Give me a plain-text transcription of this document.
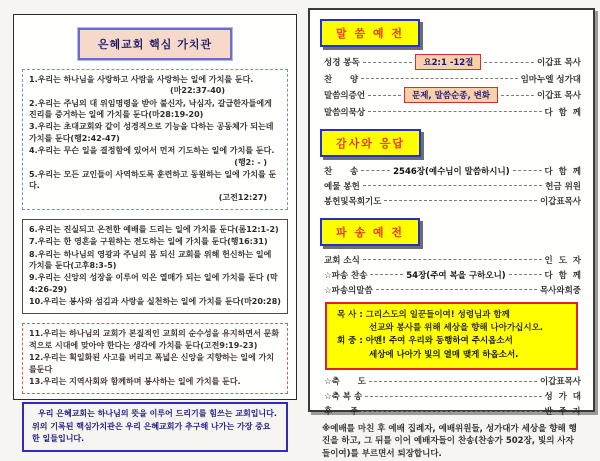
은혜교회 핵심 가치관
1.우리는 하나님을 사랑하고 사람을 사랑하는 일에 가치를 둔다.
(마22:37-40)
2.우리는 주님의 대 위임명령을 받아 불신자, 낙심자, 갈급한자들에게 진리를 증거하는 일에 가치를 둔다(마28:19-20)
3.우리는 초대교회와 같이 성경적으로 기능을 다하는 공동체가 되는데 가치를 둔다(행2:42-47)
4.우리는 무슨 일을 결정함에 있어서 먼저 기도하는 일에 가치를 둔다.
(행2: - )
5.우리는 모든 교인들이 사역하도록 훈련하고 동원하는 일에 가치를 둔다.
(고전12:27)
6.우리는 진실되고 온전한 예배를 드리는 일에 가치를 둔다(롬12:1-2)
7.우리는 한 영혼을 구원하는 전도하는 일에 가치를 둔다(행16:31)
8.우리는 하나님의 영광과 주님의 몸 되신 교회를 위해 헌신하는 일에 가치를 둔다(고후8:3-5)
9.우리는 신앙의 성장을 이루어 익은 열매가 되는 일에 가치를 둔다 (막4:26-29)
10.우리는 봉사와 섬김과 사랑을 실천하는 일에 가치를 둔다(마20:28)
11.우리는 하나님의 교회가 본질적인 교회의 순수성을 유지하면서 문화적으로 시대에 맞아야 한다는 생각에 가치를 둔다(고전9:19-23)
12.우리는 획일화된 사고를 버리고 폭넓은 신앙을 지향하는 일에 가치를둔다
13.우리는 지역사회와 함께하며 봉사하는 일에 가치를 둔다.
우리 은혜교회는 하나님의 뜻을 이루어 드리기를 힘쓰는 교회입니다. 위의 기록된 핵심가치관은 우리 은혜교회가 추구해 나가는 가장 중요한 일들입니다.
말 씀 예 전
성경 봉독	요2:1 -12절	이갑표 목사
찬      양	임마누엘 성가대
말씀의증언	문제, 말씀순종, 변화	이갑표 목사
말씀의묵상	다  함  께
감사와 응답
찬      송	2546장(예수님이 말씀하시니)	다  함  께
예물 봉헌	헌금 위원
봉헌및목회기도	이갑표목사
파 송 예 전
교회 소식	인  도  자
☆파송 찬송	54장(주여 복을 구하오니)	다  함  께
☆파송의말씀	목사와회중
목 사 : 그리스도의 일꾼들이여! 성령님과 함께
선교와 봉사를 위해 세상을 향해 나아가십시오.
회 중 : 아멘! 주여 우리와 동행하여 주시옵소서
세상에 나아가 빛의 열매 맺게 하옵소서.
☆축      도	이갑표목사
☆축 복 송	성  가  대
후      주	반  주  자
※예배를 마친 후 예배 집례자, 예배위원들, 성가대가 세상을 향해 행진을 하고, 그 뒤를 이어 예배자들이 찬송(찬송가 502장, 빛의 사자들이여)를 부르면서 퇴장합니다.
